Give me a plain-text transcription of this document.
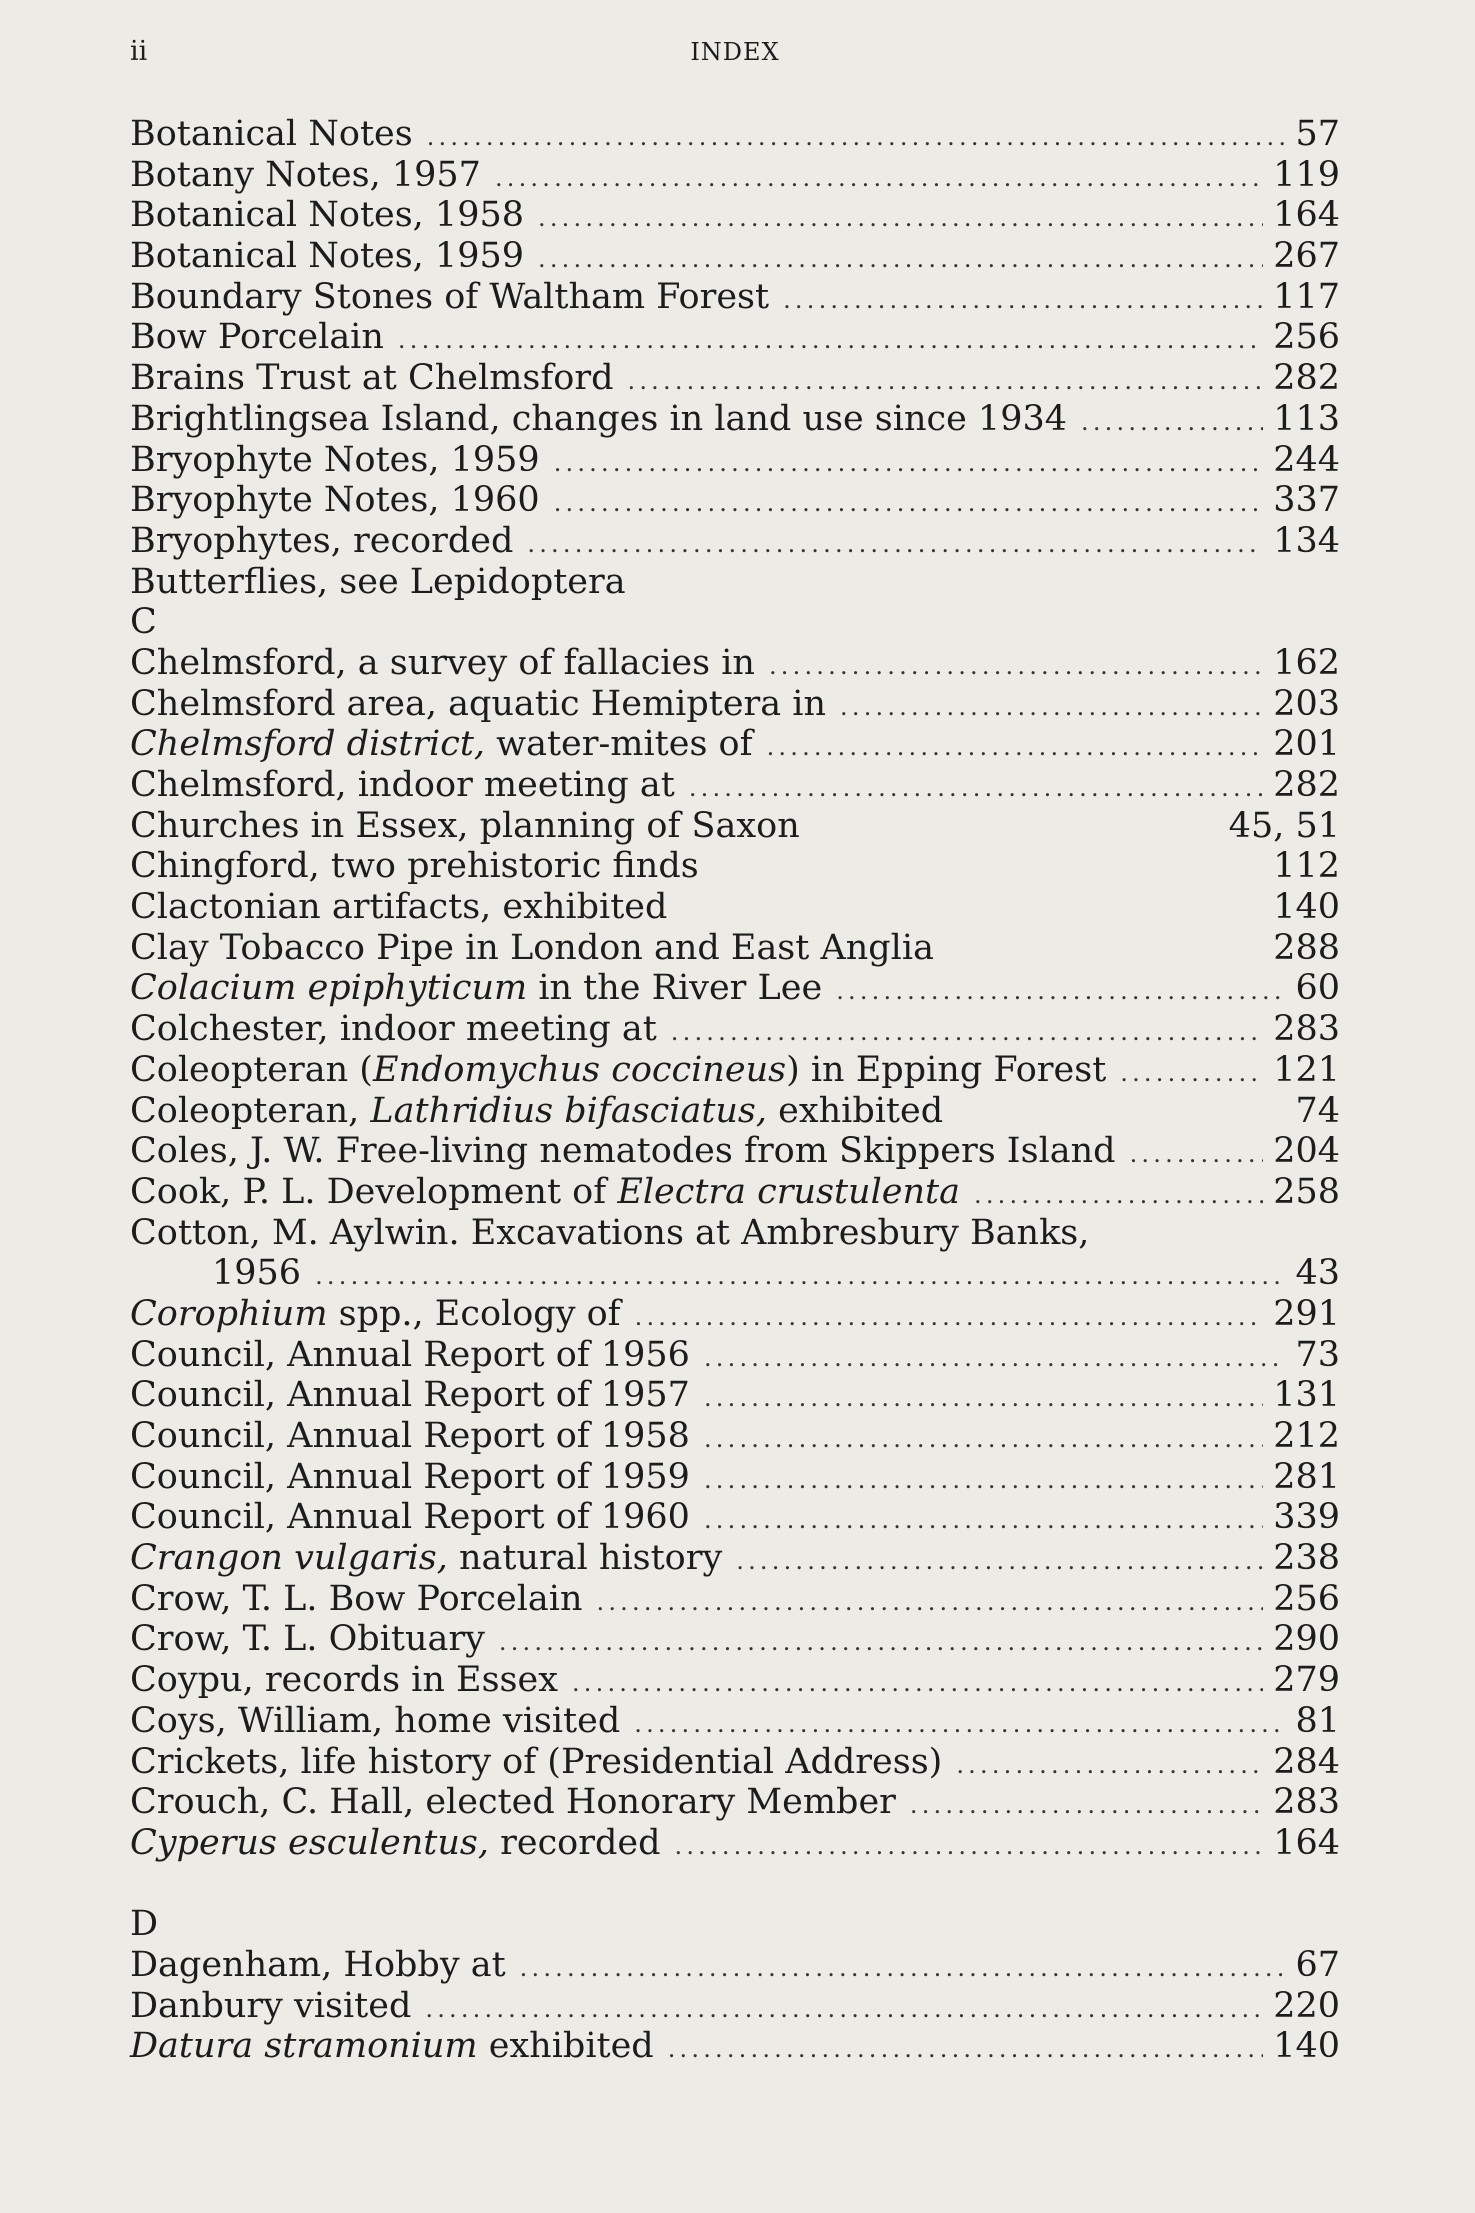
ii	INDEX
Botanical Notes .....	57
Botany Notes, 1957 .....	119
Botanical Notes, 1958 .....	164
Botanical Notes, 1959 .....	267
Boundary Stones of Waltham Forest .....	117
Bow Porcelain .....	256
Brains Trust at Chelmsford .....	282
Brightlingsea Island, changes in land use since 1934 .....	113
Bryophyte Notes, 1959 .....	244
Bryophyte Notes, 1960 .....	337
Bryophytes, recorded .....	134
Butterflies, see Lepidoptera
C
Chelmsford, a survey of fallacies in .....	162
Chelmsford area, aquatic Hemiptera in .....	203
Chelmsford district, water-mites of .....	201
Chelmsford, indoor meeting at .....	282
Churches in Essex, planning of Saxon	45, 51
Chingford, two prehistoric finds	112
Clactonian artifacts, exhibited	140
Clay Tobacco Pipe in London and East Anglia	288
Colacium epiphyticum in the River Lee .....	60
Colchester, indoor meeting at .....	283
Coleopteran (Endomychus coccineus) in Epping Forest .....	121
Coleopteran, Lathridius bifasciatus, exhibited	74
Coles, J. W. Free-living nematodes from Skippers Island .....	204
Cook, P. L. Development of Electra crustulenta .....	258
Cotton, M. Aylwin. Excavations at Ambresbury Banks,
1956 .....	43
Corophium spp., Ecology of .....	291
Council, Annual Report of 1956 .....	73
Council, Annual Report of 1957 .....	131
Council, Annual Report of 1958 .....	212
Council, Annual Report of 1959 .....	281
Council, Annual Report of 1960 .....	339
Crangon vulgaris, natural history .....	238
Crow, T. L. Bow Porcelain .....	256
Crow, T. L. Obituary .....	290
Coypu, records in Essex .....	279
Coys, William, home visited .....	81
Crickets, life history of (Presidential Address) .....	284
Crouch, C. Hall, elected Honorary Member .....	283
Cyperus esculentus, recorded .....	164
D
Dagenham, Hobby at .....	67
Danbury visited .....	220
Datura stramonium exhibited .....	140
